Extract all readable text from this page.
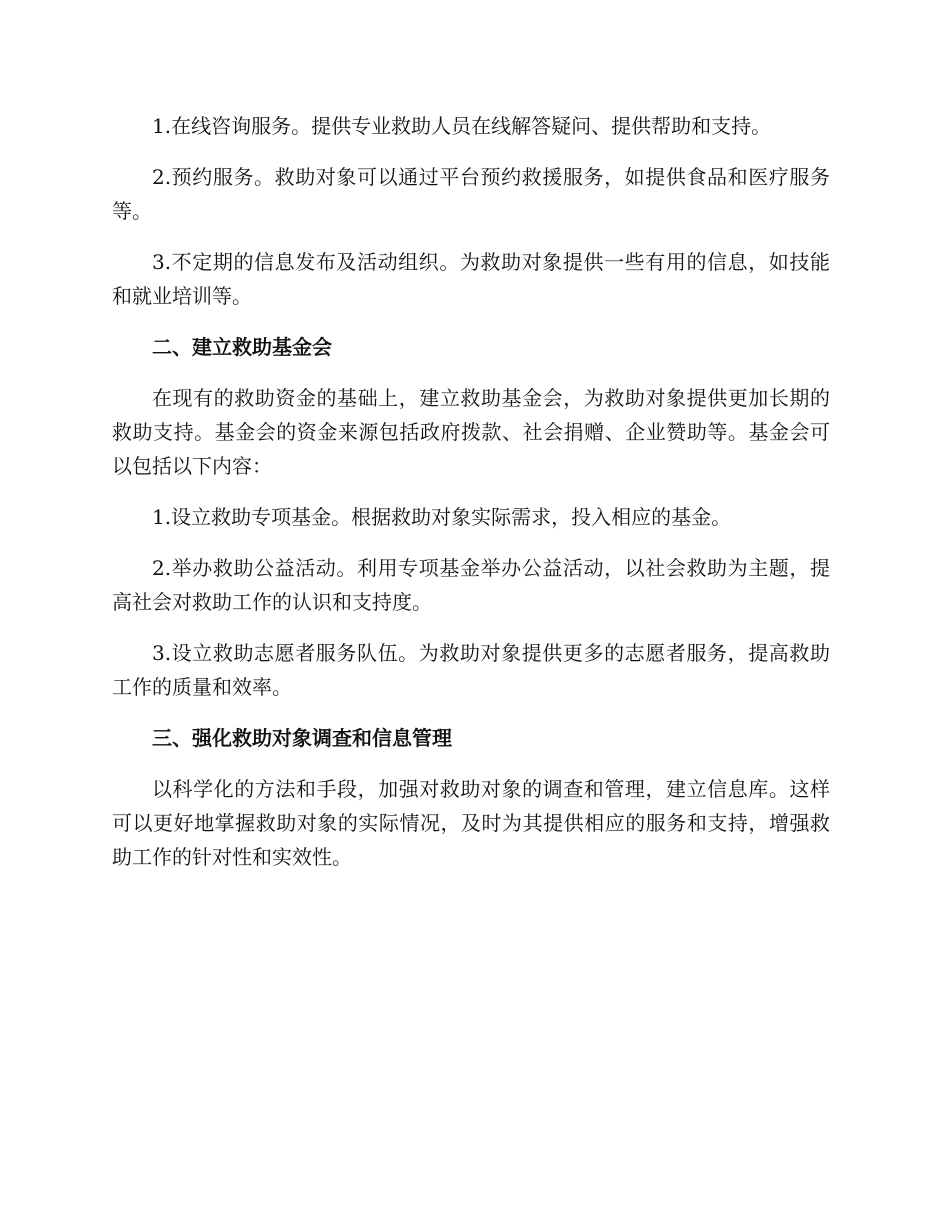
1.在线咨询服务。提供专业救助人员在线解答疑问、提供帮助和支持。

2.预约服务。救助对象可以通过平台预约救援服务，如提供食品和医疗服务等。

3.不定期的信息发布及活动组织。为救助对象提供一些有用的信息，如技能和就业培训等。

二、建立救助基金会

在现有的救助资金的基础上，建立救助基金会，为救助对象提供更加长期的救助支持。基金会的资金来源包括政府拨款、社会捐赠、企业赞助等。基金会可以包括以下内容：

1.设立救助专项基金。根据救助对象实际需求，投入相应的基金。

2.举办救助公益活动。利用专项基金举办公益活动，以社会救助为主题，提高社会对救助工作的认识和支持度。

3.设立救助志愿者服务队伍。为救助对象提供更多的志愿者服务，提高救助工作的质量和效率。

三、强化救助对象调查和信息管理

以科学化的方法和手段，加强对救助对象的调查和管理，建立信息库。这样可以更好地掌握救助对象的实际情况，及时为其提供相应的服务和支持，增强救助工作的针对性和实效性。
